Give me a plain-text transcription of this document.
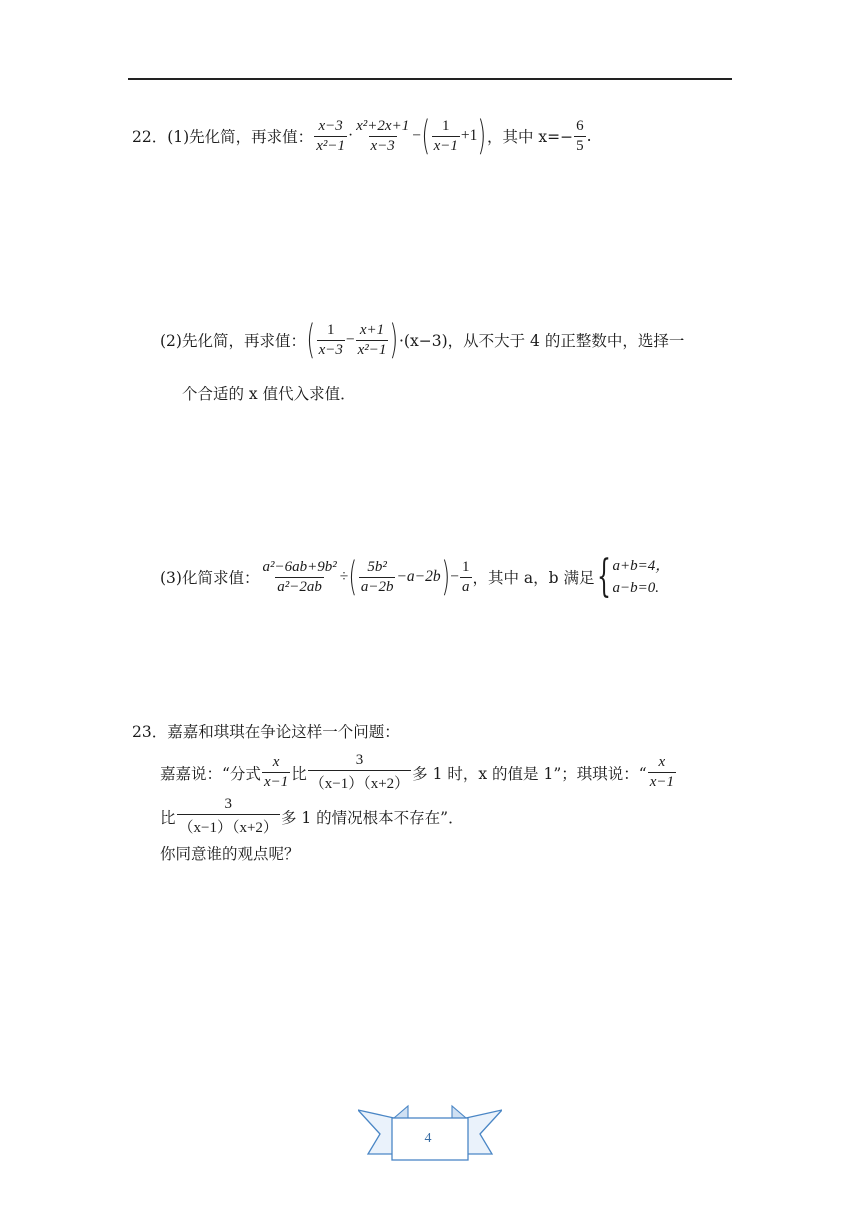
22．(1)先化简，再求值： $\frac{x-3}{\text{x²−1}} \cdot \frac{\text{x²+2x+1}}{x-3}$ − ( $\frac{1}{x-1} +1$ ) ，其中 $x=- \frac{6}{5}$ .
(2)先化简，再求值： ( $\frac{1}{x-3} - \frac{x+1}{\text{x²−1}}$ ) ·(x−3)，从不大于 4 的正整数中，选择一
个合适的 x 值代入求值．
(3)化简求值： $\frac{\text{a²−6ab+9b²}}{\text{a²−2ab}}$ ÷ ( $\frac{\text{5b²}}{a-2b} -a-2b$ ) − $\frac{1}{a}$ ，其中 a，b 满足 { a+b=4，
a−b=0.
23．嘉嘉和琪琪在争论这样一个问题：
嘉嘉说：“分式 $\frac{x}{x-1}$ 比 $\frac{3}{(x-1)(x+2)}$ 多 1 时，x 的值是 1”；琪琪说：“ $\frac{x}{x-1}$
比 $\frac{3}{(x-1)(x+2)}$ 多 1 的情况根本不存在”．
你同意谁的观点呢？
4
